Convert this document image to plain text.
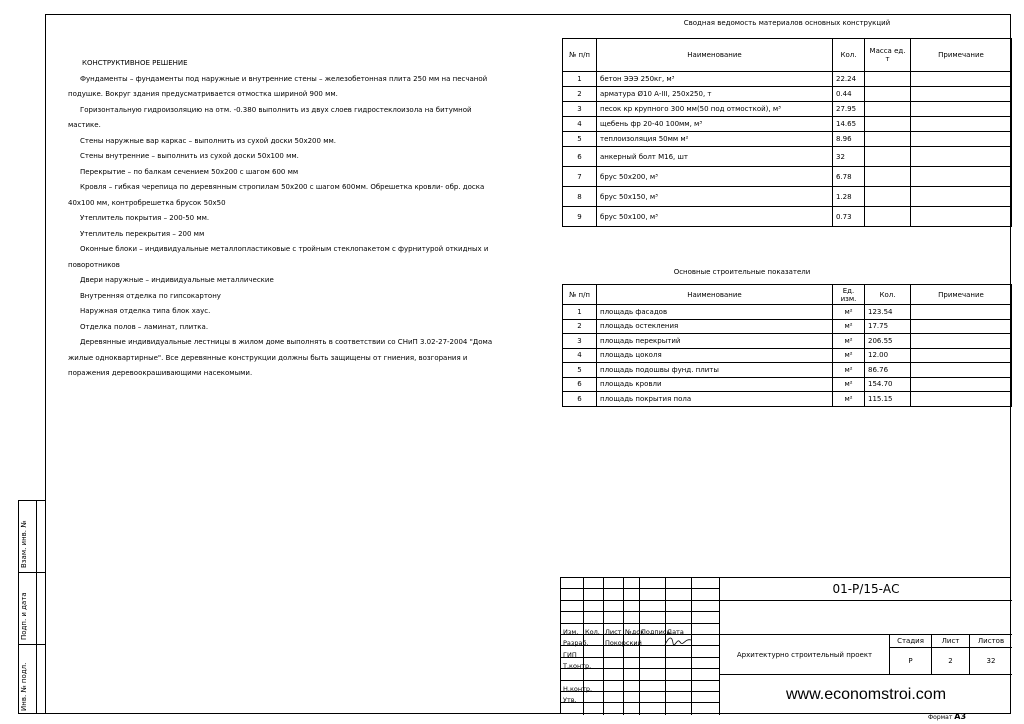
Взам. инв. №
Подп. и дата
Инв. № подл.
КОНСТРУКТИВНОЕ РЕШЕНИЕ

Фундаменты – фундаменты под наружные и внутренние стены – железобетонная плита 250 мм на песчаной подушке. Вокруг здания предусматривается отмостка шириной 900 мм.

Горизонтальную гидроизоляцию на отм. -0.380 выполнить из двух слоев гидростеклоизола на битумной мастике.

Стены наружные вар каркас – выполнить из сухой доски 50х200 мм.

Стены внутренние – выполнить из сухой доски 50х100 мм.

Перекрытие – по балкам сечением 50х200 с шагом 600 мм

Кровля – гибкая черепица по деревянным стропилам 50х200 с шагом 600мм. Обрешетка кровли- обр. доска 40х100 мм, контробрешетка брусок 50х50

Утеплитель покрытия – 200-50 мм.

Утеплитель перекрытия – 200 мм

Оконные блоки – индивидуальные металлопластиковые с тройным стеклопакетом с фурнитурой откидных и поворотников

Двери наружные – индивидуальные металлические

Внутренняя отделка по гипсокартону

Наружная отделка типа блок хаус.

Отделка полов – ламинат, плитка.

Деревянные индивидуальные лестницы в жилом доме выполнять в соответствии со СНиП 3.02-27-2004 "Дома жилые одноквартирные". Все деревянные конструкции должны быть защищены от гниения, возгорания и поражения деревоокрашивающими насекомыми.

Сводная ведомость материалов основных конструкций
№ п/п	Наименование	Кол.	Масса ед. т	Примечание
1	бетон ЭЭЭ 250кг, м³	22.24		
2	арматура Ø10 А-III, 250х250, т	0.44		
3	песок кр крупного 300 мм(50 под отмосткой), м³	27.95		
4	щебень фр 20-40 100мм, м³	14.65		
5	теплоизоляция 50мм м²	8.96		
6	анкерный болт М16, шт	32		
7	брус 50х200, м³	6.78		
8	брус 50х150, м³	1.28		
9	брус 50х100, м³	0.73		
Основные строительные показатели
№ п/п	Наименование	Ед. изм.	Кол.	Примечание
1	площадь фасадов	м²	123.54	
2	площадь остекления	м²	17.75	
3	площадь перекрытий	м²	206.55	
4	площадь цоколя	м²	12.00	
5	площадь подошвы фунд. плиты	м²	86.76	
6	площадь кровли	м²	154.70	
6	площадь покрытия пола	м²	115.15	
Изм. Кол. Лист №док
Подпись
Дата
Разраб.
ГИП
Т.контр.
Н.контр.
Утв.
Покорский
01-P/15-АС
Архитектурно строительный проект
Стадия
Р
Лист
2
Листов
32
www.economstroi.com
Формат А3
